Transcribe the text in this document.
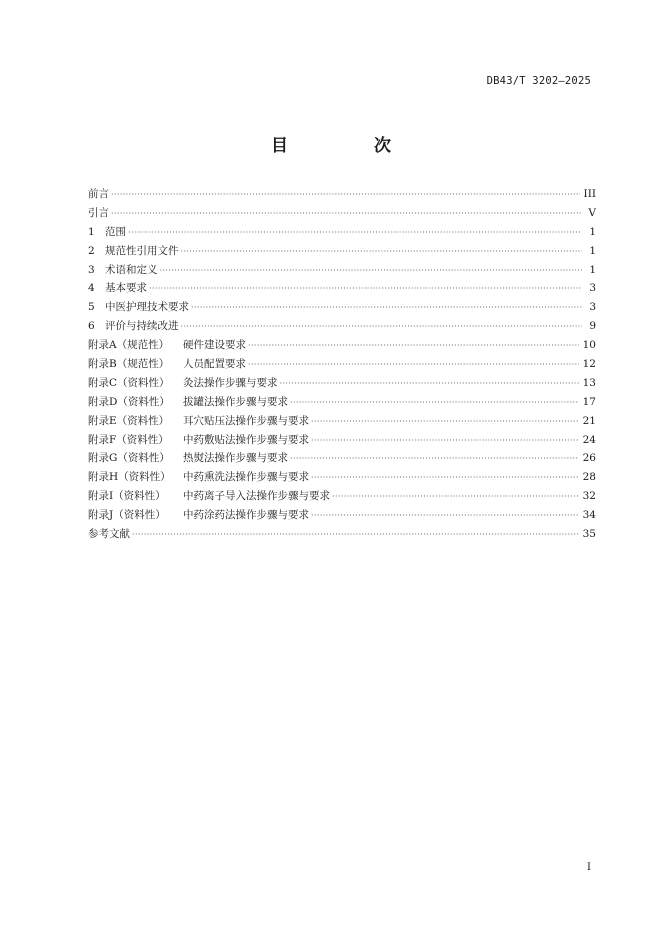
DB43/T 3202—2025
目 次
前言 ·····	III
引言 ·····	V
1 范围 ·····	1
2 规范性引用文件 ·····	1
3 术语和定义 ·····	1
4 基本要求 ·····	3
5 中医护理技术要求 ·····	3
6 评价与持续改进 ·····	9
附录A（规范性）	硬件建设要求 ·····	10
附录B（规范性）	人员配置要求 ·····	12
附录C（资料性）	灸法操作步骤与要求 ·····	13
附录D（资料性）	拔罐法操作步骤与要求 ·····	17
附录E（资料性）	耳穴贴压法操作步骤与要求 ·····	21
附录F（资料性）	中药敷贴法操作步骤与要求 ·····	24
附录G（资料性）	热熨法操作步骤与要求 ·····	26
附录H（资料性）	中药熏洗法操作步骤与要求 ·····	28
附录I（资料性）	中药离子导入法操作步骤与要求 ·····	32
附录J（资料性）	中药涂药法操作步骤与要求 ·····	34
参考文献 ·····	35
I
